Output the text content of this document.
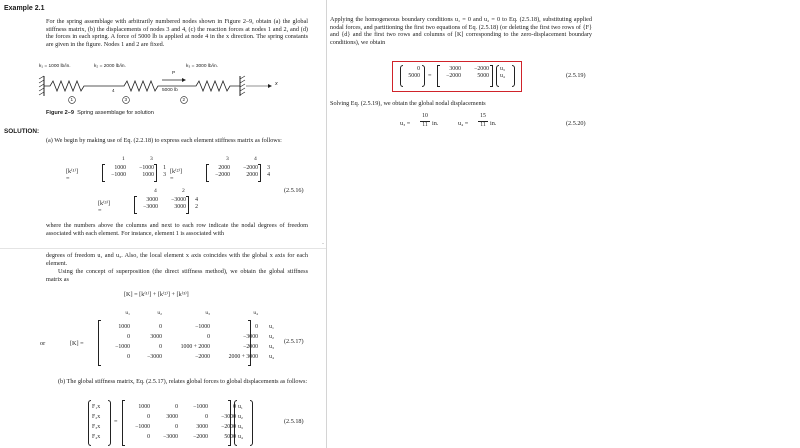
Example 2.1
For the spring assemblage with arbitrarily numbered nodes shown in Figure 2–9, obtain (a) the global stiffness matrix, (b) the displacements of nodes 3 and 4, (c) the reaction forces at nodes 1 and 2, and (d) the forces in each spring. A force of 5000 lb is applied at node 4 in the x direction. The spring constants are given in the figure. Nodes 1 and 2 are fixed.
k₁ = 1000 lb/in.	k₂ = 2000 lb/in.	k₃ = 3000 lb/in.
P
5000 lb
x
1	3	2
4
Figure 2–9 Spring assemblage for solution
SOLUTION:
(a) We begin by making use of Eq. (2.2.18) to express each element stiffness matrix as follows:
1	3
[k⁽¹⁾] =
1000	−1000	1
−1000	1000	3
3	4
[k⁽²⁾] =
2000	−2000	3
−2000	2000	4
4	2
[k⁽³⁾] =
3000	−3000	4
−3000	3000	2
(2.5.16)
where the numbers above the columns and next to each row indicate the nodal degrees of freedom associated with each element. For instance, element 1 is associated with
degrees of freedom u₁ and u₃. Also, the local element x axis coincides with the global x axis for each element.
Using the concept of superposition (the direct stiffness method), we obtain the global stiffness matrix as
[K] = [k⁽¹⁾] + [k⁽²⁾] + [k⁽³⁾]
or	[K] =
u₁	u₂	u₃	u₄
1000	0	−1000	0	u₁
0	3000	0	−3000	u₂
−1000	0	1000 + 2000	−2000	u₃
0	−3000	−2000	2000 + 3000	u₄
(2.5.17)
(b) The global stiffness matrix, Eq. (2.5.17), relates global forces to global displacements as follows:
F₁x
F₂x
F₃x
F₄x
=
1000	0	−1000	0
0	3000	0	−3000
−1000	0	3000	−2000
0	−3000	−2000	5000
u₁
u₂
u₃
u₄
(2.5.18)
Applying the homogeneous boundary conditions u₁ = 0 and u₂ = 0 to Eq. (2.5.18), substituting applied nodal forces, and partitioning the first two equations of Eq. (2.5.18) (or deleting the first two rows of {F} and {d} and the first two rows and columns of [K] corresponding to the zero-displacement boundary conditions), we obtain
0
5000 =
3000	−2000
−2000	5000
u₃
u₄	(2.5.19)
Solving Eq. (2.5.19), we obtain the global nodal displacements
u₃ =
10
11 in.	u₄ =
15
11 in.	(2.5.20)
-
